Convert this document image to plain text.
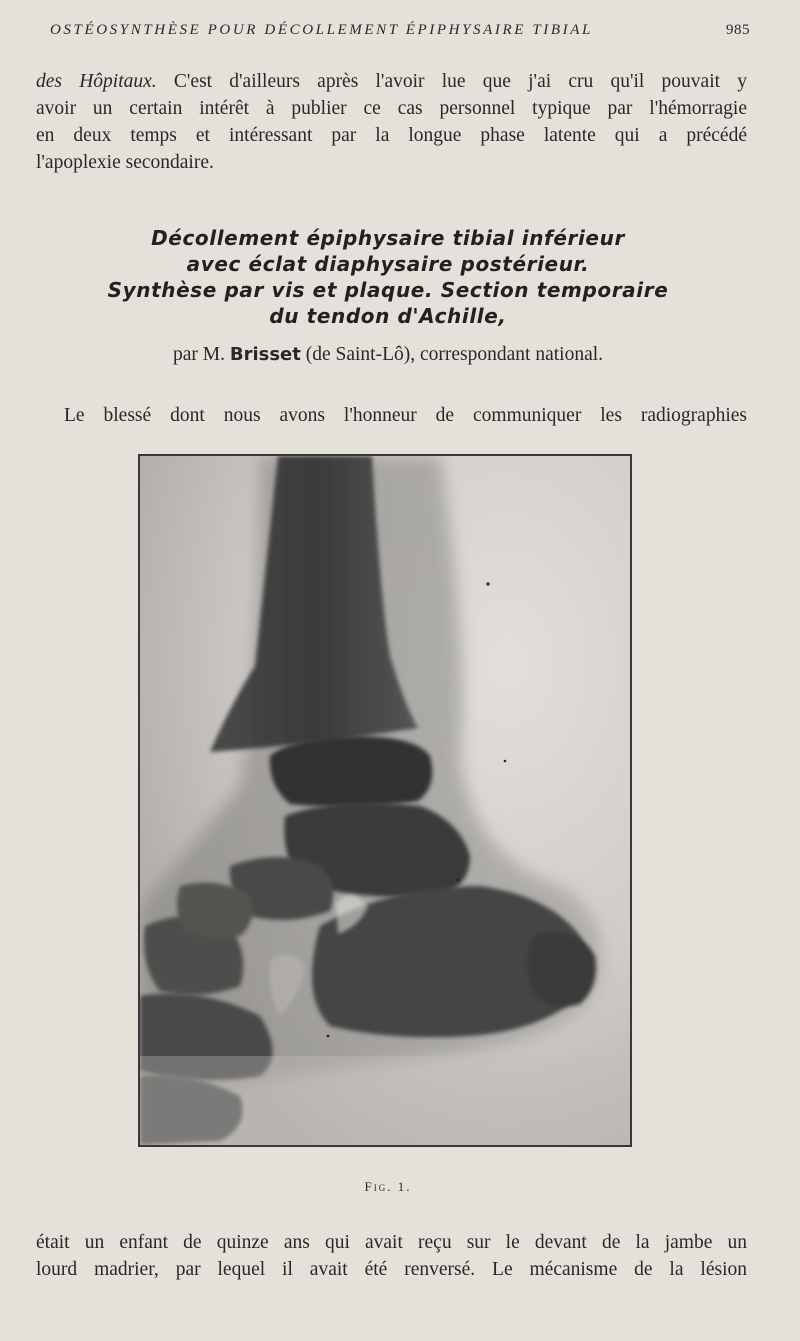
OSTÉOSYNTHÈSE POUR DÉCOLLEMENT ÉPIPHYSAIRE TIBIAL	985
des Hôpitaux. C'est d'ailleurs après l'avoir lue que j'ai cru qu'il pouvait y
avoir un certain intérêt à publier ce cas personnel typique par l'hémorragie
en deux temps et intéressant par la longue phase latente qui a précédé
l'apoplexie secondaire.
Décollement épiphysaire tibial inférieur
avec éclat diaphysaire postérieur.
Synthèse par vis et plaque. Section temporaire
du tendon d'Achille,
par M. Brisset (de Saint-Lô), correspondant national.
Le blessé dont nous avons l'honneur de communiquer les radiographies
Fig. 1.
était un enfant de quinze ans qui avait reçu sur le devant de la jambe un
lourd madrier, par lequel il avait été renversé. Le mécanisme de la lésion
